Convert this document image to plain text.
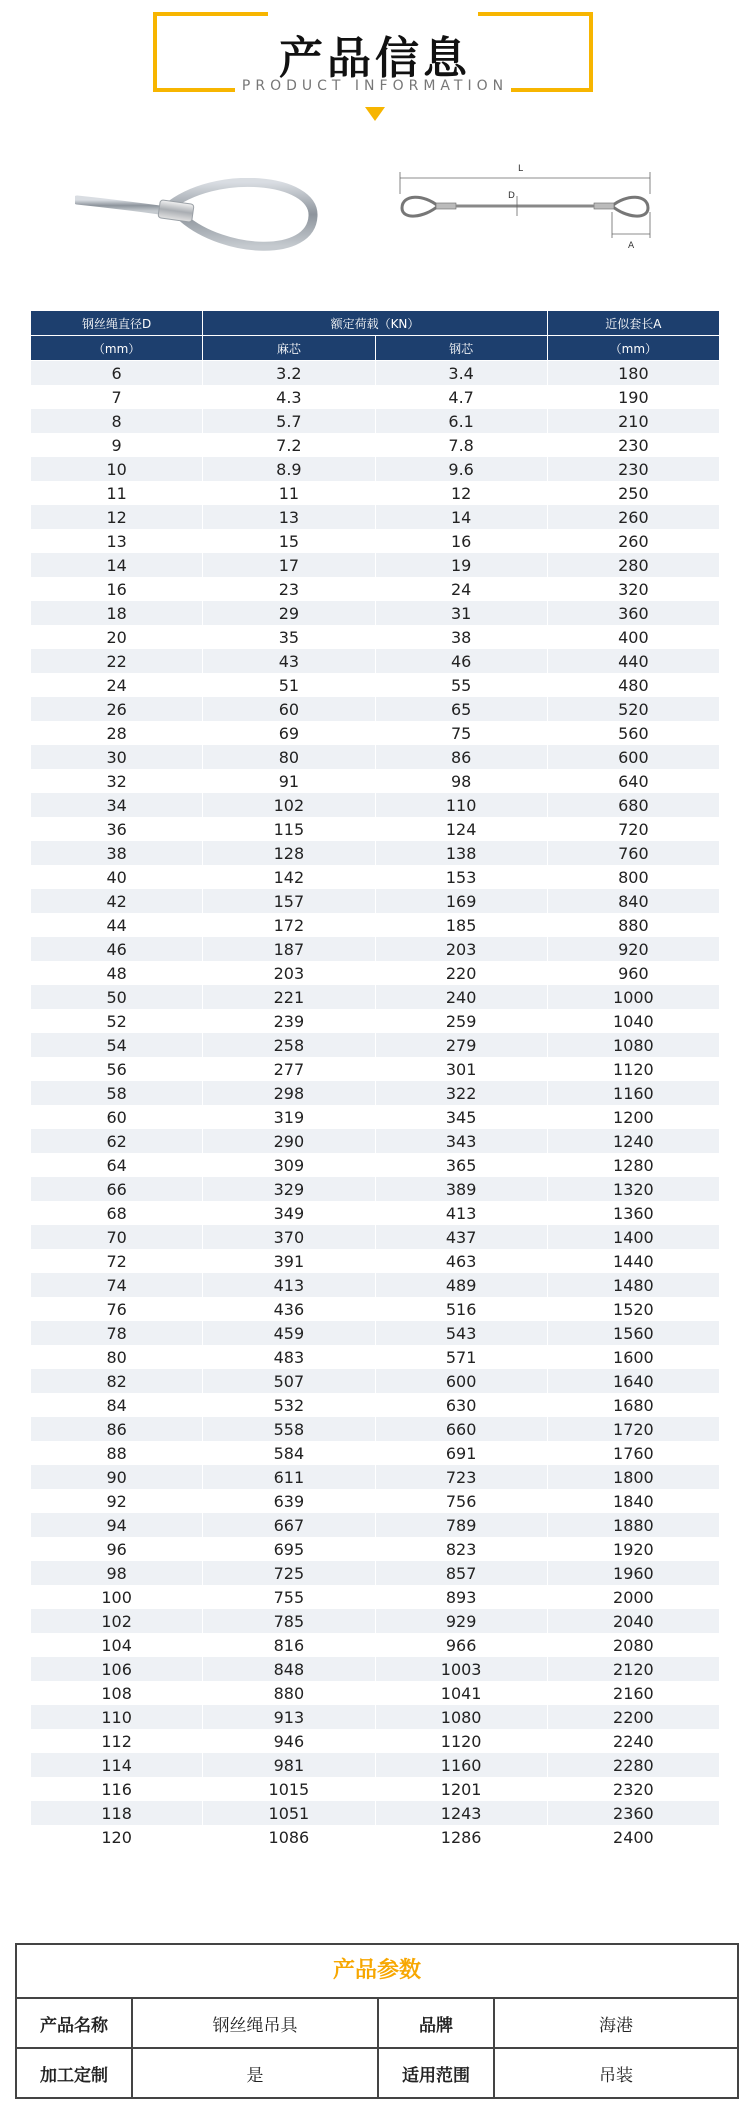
产品信息
PRODUCT INFORMATION
L
D
A
钢丝绳直径D	额定荷载（KN）		近似套长A
（mm）	麻芯	钢芯	（mm）
6	3.2	3.4	180
7	4.3	4.7	190
8	5.7	6.1	210
9	7.2	7.8	230
10	8.9	9.6	230
11	11	12	250
12	13	14	260
13	15	16	260
14	17	19	280
16	23	24	320
18	29	31	360
20	35	38	400
22	43	46	440
24	51	55	480
26	60	65	520
28	69	75	560
30	80	86	600
32	91	98	640
34	102	110	680
36	115	124	720
38	128	138	760
40	142	153	800
42	157	169	840
44	172	185	880
46	187	203	920
48	203	220	960
50	221	240	1000
52	239	259	1040
54	258	279	1080
56	277	301	1120
58	298	322	1160
60	319	345	1200
62	290	343	1240
64	309	365	1280
66	329	389	1320
68	349	413	1360
70	370	437	1400
72	391	463	1440
74	413	489	1480
76	436	516	1520
78	459	543	1560
80	483	571	1600
82	507	600	1640
84	532	630	1680
86	558	660	1720
88	584	691	1760
90	611	723	1800
92	639	756	1840
94	667	789	1880
96	695	823	1920
98	725	857	1960
100	755	893	2000
102	785	929	2040
104	816	966	2080
106	848	1003	2120
108	880	1041	2160
110	913	1080	2200
112	946	1120	2240
114	981	1160	2280
116	1015	1201	2320
118	1051	1243	2360
120	1086	1286	2400
产品参数
产品名称	钢丝绳吊具	品牌	海港
加工定制	是	适用范围	吊装
